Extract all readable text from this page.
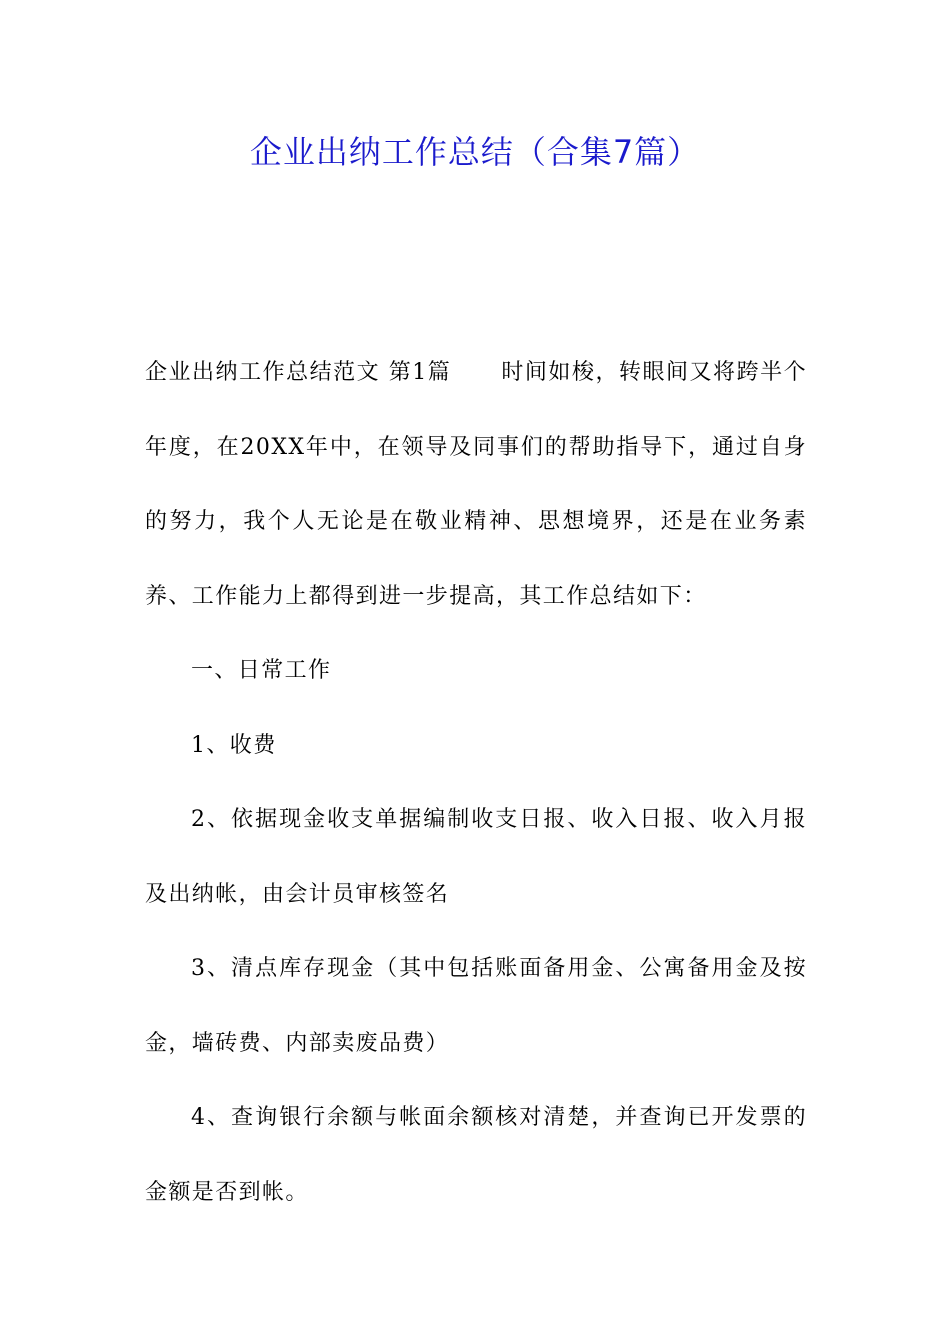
企业出纳工作总结（合集7篇）

企业出纳工作总结范文 第1篇 时间如梭，转眼间又将跨半个年度，在20XX年中，在领导及同事们的帮助指导下，通过自身的努力，我个人无论是在敬业精神、思想境界，还是在业务素养、工作能力上都得到进一步提高，其工作总结如下：

一、日常工作

1、收费

2、依据现金收支单据编制收支日报、收入日报、收入月报及出纳帐，由会计员审核签名

3、清点库存现金（其中包括账面备用金、公寓备用金及按金，墙砖费、内部卖废品费）

4、查询银行余额与帐面余额核对清楚，并查询已开发票的金额是否到帐。
